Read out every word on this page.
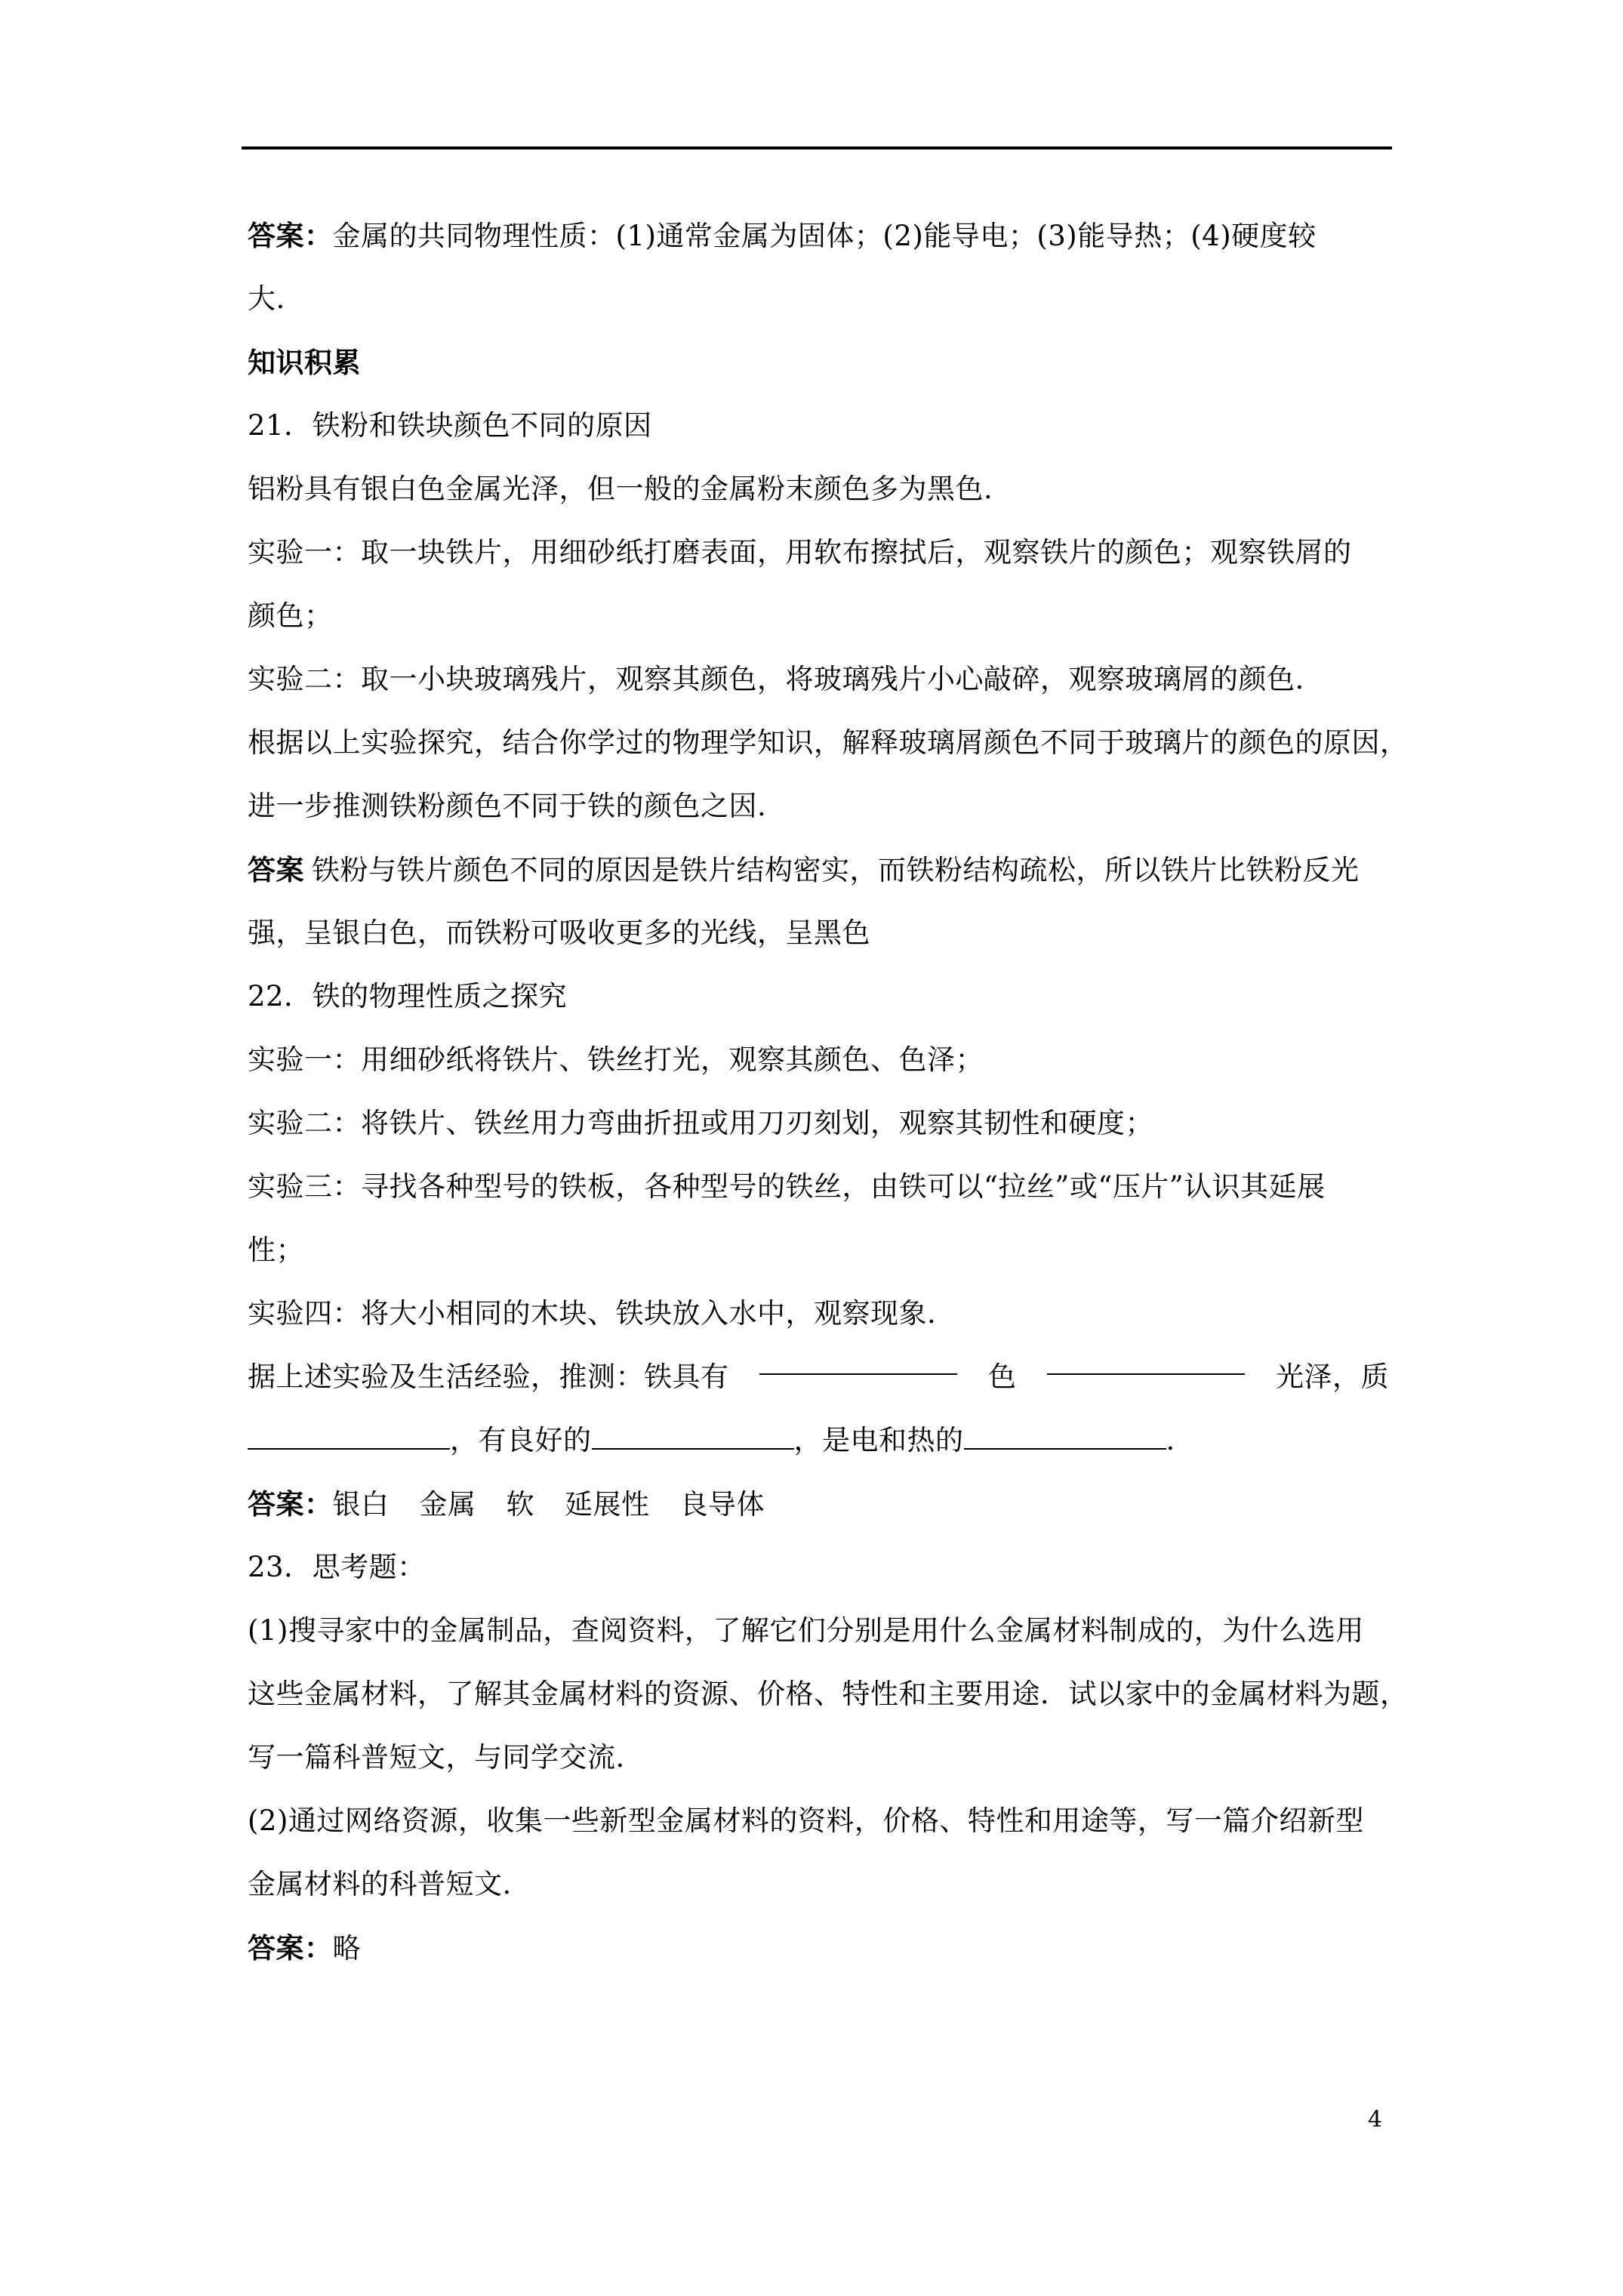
答案：金属的共同物理性质：(1)通常金属为固体；(2)能导电；(3)能导热；(4)硬度较
大.
知识积累
21．铁粉和铁块颜色不同的原因
铝粉具有银白色金属光泽，但一般的金属粉末颜色多为黑色.
实验一：取一块铁片，用细砂纸打磨表面，用软布擦拭后，观察铁片的颜色；观察铁屑的
颜色；
实验二：取一小块玻璃残片，观察其颜色，将玻璃残片小心敲碎，观察玻璃屑的颜色.
根据以上实验探究，结合你学过的物理学知识，解释玻璃屑颜色不同于玻璃片的颜色的原因，
进一步推测铁粉颜色不同于铁的颜色之因.
答案 铁粉与铁片颜色不同的原因是铁片结构密实，而铁粉结构疏松，所以铁片比铁粉反光
强，呈银白色，而铁粉可吸收更多的光线，呈黑色
22．铁的物理性质之探究
实验一：用细砂纸将铁片、铁丝打光，观察其颜色、色泽；
实验二：将铁片、铁丝用力弯曲折扭或用刀刃刻划，观察其韧性和硬度；
实验三：寻找各种型号的铁板，各种型号的铁丝，由铁可以“拉丝”或“压片”认识其延展
性；
实验四：将大小相同的木块、铁块放入水中，观察现象.
据上述实验及生活经验，推测：铁具有	色	光泽，质
，有良好的	，是电和热的	.
答案：银白 金属 软 延展性 良导体
23．思考题：
(1)搜寻家中的金属制品，查阅资料，了解它们分别是用什么金属材料制成的，为什么选用
这些金属材料，了解其金属材料的资源、价格、特性和主要用途．试以家中的金属材料为题，
写一篇科普短文，与同学交流.
(2)通过网络资源，收集一些新型金属材料的资料，价格、特性和用途等，写一篇介绍新型
金属材料的科普短文.
答案：略
4
